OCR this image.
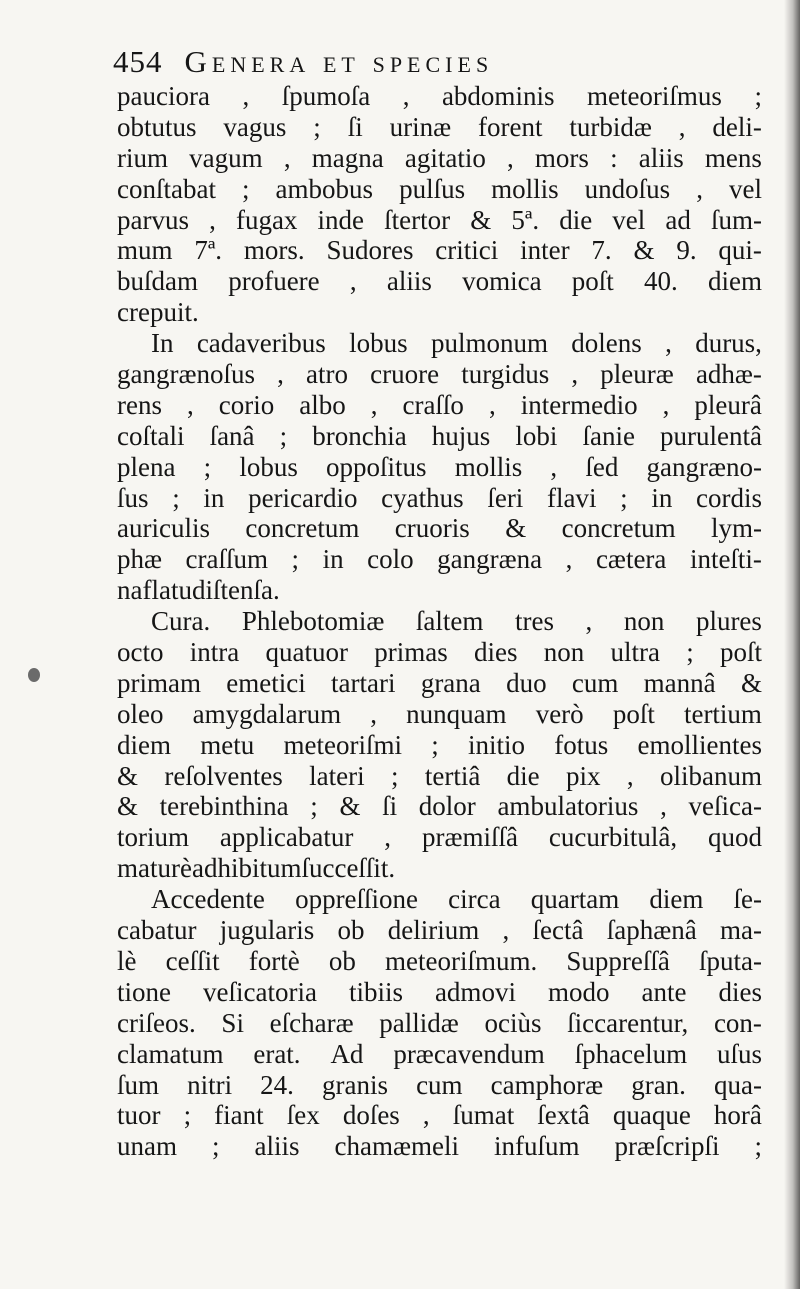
454 Genera et species
pauciora , ſpumoſa , abdominis meteoriſmus ;
obtutus vagus ; ſi urinæ forent turbidæ , deli-
rium vagum , magna agitatio , mors : aliis mens
conſtabat ; ambobus pulſus mollis undoſus , vel
parvus , fugax inde ſtertor & 5ª. die vel ad ſum-
mum 7ª. mors. Sudores critici inter 7. & 9. qui-
buſdam profuere , aliis vomica poſt 40. diem
crepuit.
In cadaveribus lobus pulmonum dolens , durus,
gangrænoſus , atro cruore turgidus , pleuræ adhæ-
rens , corio albo , craſſo , intermedio , pleurâ
coſtali ſanâ ; bronchia hujus lobi ſanie purulentâ
plena ; lobus oppoſitus mollis , ſed gangræno-
ſus ; in pericardio cyathus ſeri flavi ; in cordis
auriculis concretum cruoris & concretum lym-
phæ craſſum ; in colo gangræna , cætera inteſti-
na flatu diſtenſa.
Cura. Phlebotomiæ ſaltem tres , non plures
octo intra quatuor primas dies non ultra ; poſt
primam emetici tartari grana duo cum mannâ &
oleo amygdalarum , nunquam verò poſt tertium
diem metu meteoriſmi ; initio fotus emollientes
& reſolventes lateri ; tertiâ die pix , olibanum
& terebinthina ; & ſi dolor ambulatorius , veſica-
torium applicabatur , præmiſſâ cucurbitulâ, quod
maturè adhibitum ſucceſſit.
Accedente oppreſſione circa quartam diem ſe-
cabatur jugularis ob delirium , ſectâ ſaphænâ ma-
lè ceſſit fortè ob meteoriſmum. Suppreſſâ ſputa-
tione veſicatoria tibiis admovi modo ante dies
criſeos. Si eſcharæ pallidæ ociùs ſiccarentur, con-
clamatum erat. Ad præcavendum ſphacelum uſus
ſum nitri 24. granis cum camphoræ gran. qua-
tuor ; fiant ſex doſes , ſumat ſextâ quaque horâ
unam ; aliis chamæmeli infuſum præſcripſi ;
